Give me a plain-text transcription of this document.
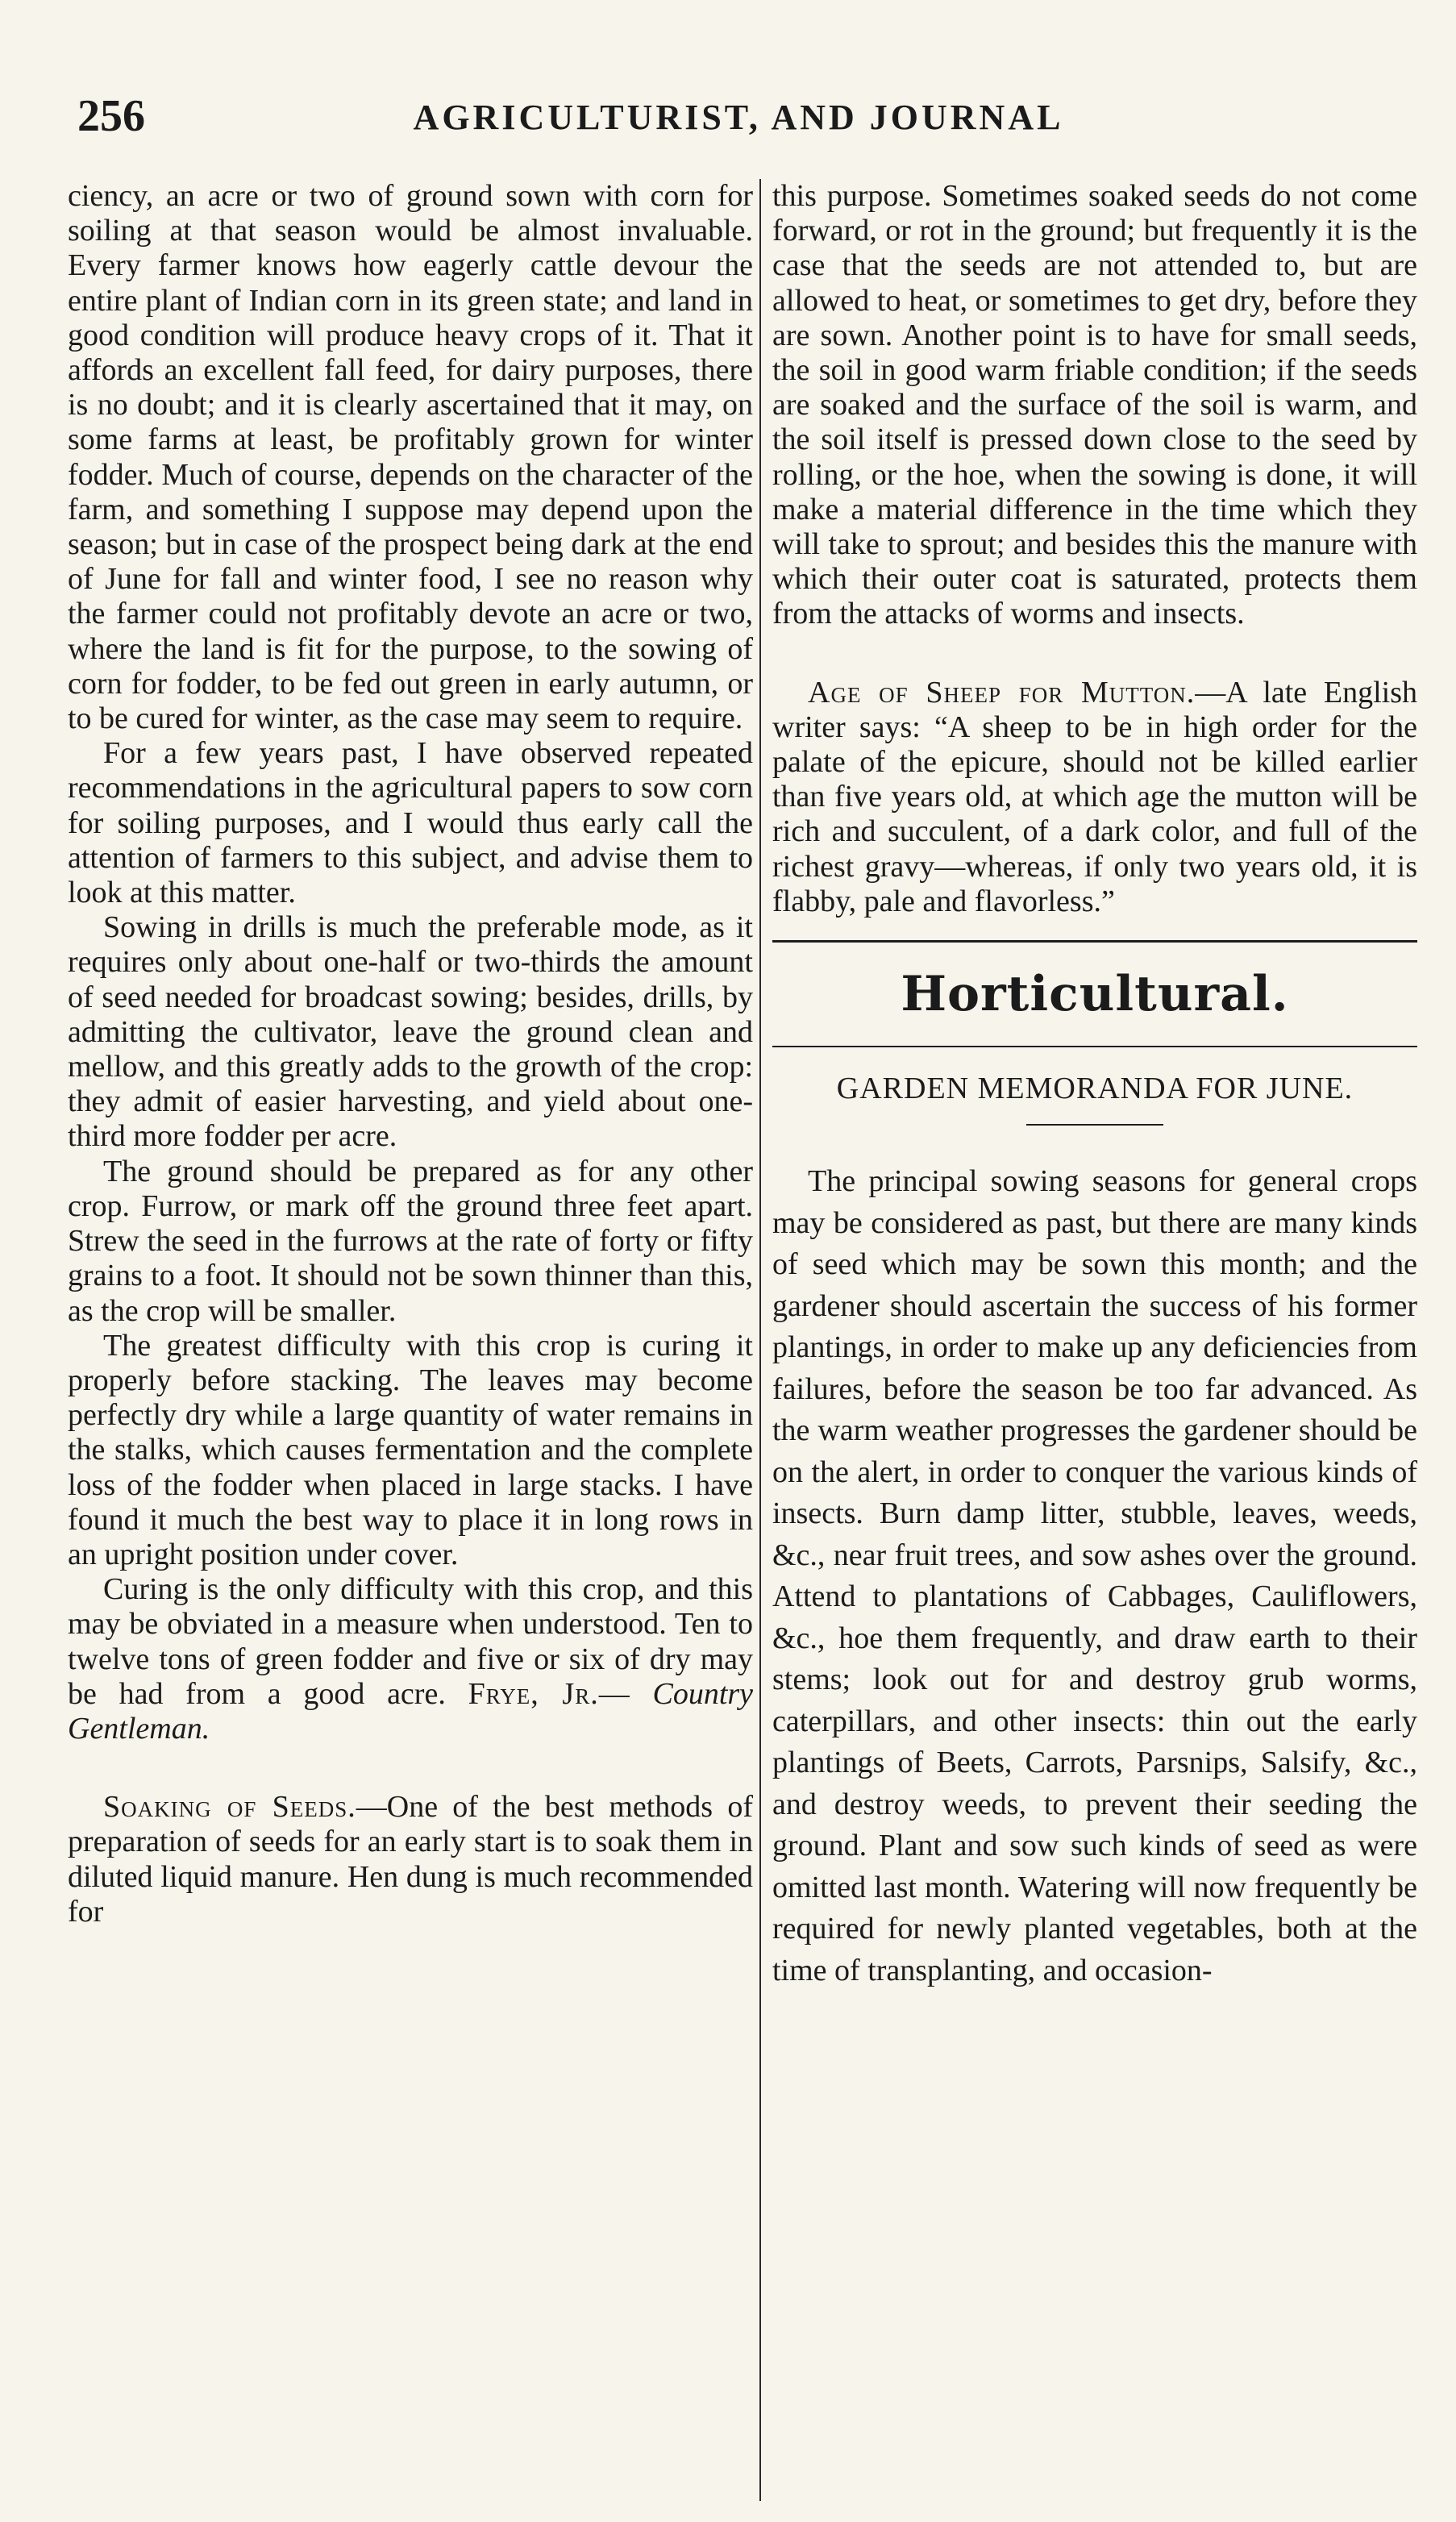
256	AGRICULTURIST, AND JOURNAL

ciency, an acre or two of ground sown with corn for soiling at that season would be almost invaluable. Every farmer knows how eagerly cattle devour the entire plant of Indian corn in its green state; and land in good condition will produce heavy crops of it. That it affords an excellent fall feed, for dairy purposes, there is no doubt; and it is clearly ascertained that it may, on some farms at least, be profitably grown for winter fodder. Much of course, depends on the character of the farm, and something I suppose may depend upon the season; but in case of the prospect being dark at the end of June for fall and winter food, I see no reason why the farmer could not profitably devote an acre or two, where the land is fit for the purpose, to the sowing of corn for fodder, to be fed out green in early autumn, or to be cured for winter, as the case may seem to require.

For a few years past, I have observed repeated recommendations in the agricultural papers to sow corn for soiling purposes, and I would thus early call the attention of farmers to this subject, and advise them to look at this matter.

Sowing in drills is much the preferable mode, as it requires only about one-half or two-thirds the amount of seed needed for broadcast sowing; besides, drills, by admitting the cultivator, leave the ground clean and mellow, and this greatly adds to the growth of the crop: they admit of easier harvesting, and yield about one-third more fodder per acre.

The ground should be prepared as for any other crop. Furrow, or mark off the ground three feet apart. Strew the seed in the furrows at the rate of forty or fifty grains to a foot. It should not be sown thinner than this, as the crop will be smaller.

The greatest difficulty with this crop is curing it properly before stacking. The leaves may become perfectly dry while a large quantity of water remains in the stalks, which causes fermentation and the complete loss of the fodder when placed in large stacks. I have found it much the best way to place it in long rows in an upright position under cover.

Curing is the only difficulty with this crop, and this may be obviated in a measure when understood. Ten to twelve tons of green fodder and five or six of dry may be had from a good acre. Frye, Jr.— Country Gentleman.

Soaking of Seeds.—One of the best methods of preparation of seeds for an early start is to soak them in diluted liquid manure. Hen dung is much recommended for

this purpose. Sometimes soaked seeds do not come forward, or rot in the ground; but frequently it is the case that the seeds are not attended to, but are allowed to heat, or sometimes to get dry, before they are sown. Another point is to have for small seeds, the soil in good warm friable condition; if the seeds are soaked and the surface of the soil is warm, and the soil itself is pressed down close to the seed by rolling, or the hoe, when the sowing is done, it will make a material difference in the time which they will take to sprout; and besides this the manure with which their outer coat is saturated, protects them from the attacks of worms and insects.

Age of Sheep for Mutton.—A late English writer says: “A sheep to be in high order for the palate of the epicure, should not be killed earlier than five years old, at which age the mutton will be rich and succulent, of a dark color, and full of the richest gravy—whereas, if only two years old, it is flabby, pale and flavorless.”

Horticultural.
GARDEN MEMORANDA FOR JUNE.

The principal sowing seasons for general crops may be considered as past, but there are many kinds of seed which may be sown this month; and the gardener should ascertain the success of his former plantings, in order to make up any deficiencies from failures, before the season be too far advanced. As the warm weather progresses the gardener should be on the alert, in order to conquer the various kinds of insects. Burn damp litter, stubble, leaves, weeds, &c., near fruit trees, and sow ashes over the ground. Attend to plantations of Cabbages, Cauliflowers, &c., hoe them frequently, and draw earth to their stems; look out for and destroy grub worms, caterpillars, and other insects: thin out the early plantings of Beets, Carrots, Parsnips, Salsify, &c., and destroy weeds, to prevent their seeding the ground. Plant and sow such kinds of seed as were omitted last month. Watering will now frequently be required for newly planted vegetables, both at the time of transplanting, and occasion-
